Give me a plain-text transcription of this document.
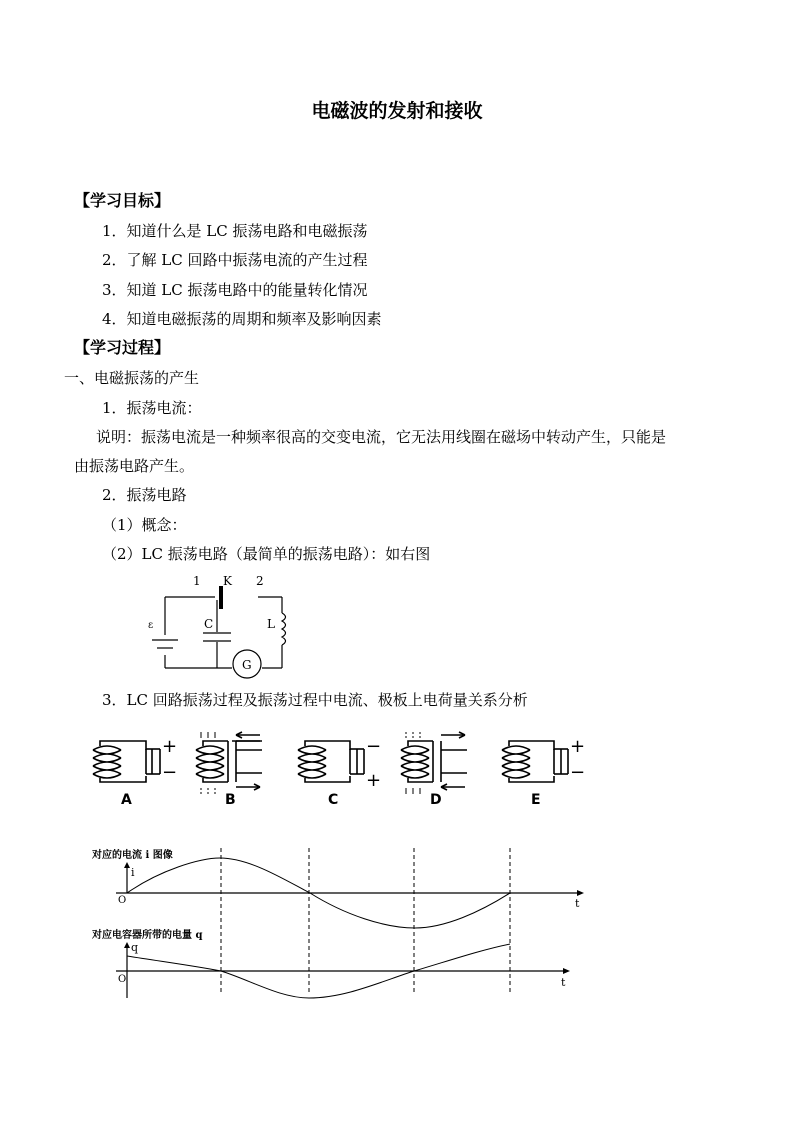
电磁波的发射和接收
【学习目标】
1．知道什么是 LC 振荡电路和电磁振荡
2．了解 LC 回路中振荡电流的产生过程
3．知道 LC 振荡电路中的能量转化情况
4．知道电磁振荡的周期和频率及影响因素
【学习过程】
一、电磁振荡的产生
1．振荡电流：
说明：振荡电流是一种频率很高的交变电流，它无法用线圈在磁场中转动产生，只能是
由振荡电路产生。
2．振荡电路
（1）概念：
（2）LC 振荡电路（最简单的振荡电路）：如右图
1 K 2
ε	C	L
G
3．LC 回路振荡过程及振荡过程中电流、极板上电荷量关系分析
+
−
A	B
−
+
C	D
+
−
E
对应的电流 i 图像
i
t
O
对应电容器所带的电量 q
q
t
O
